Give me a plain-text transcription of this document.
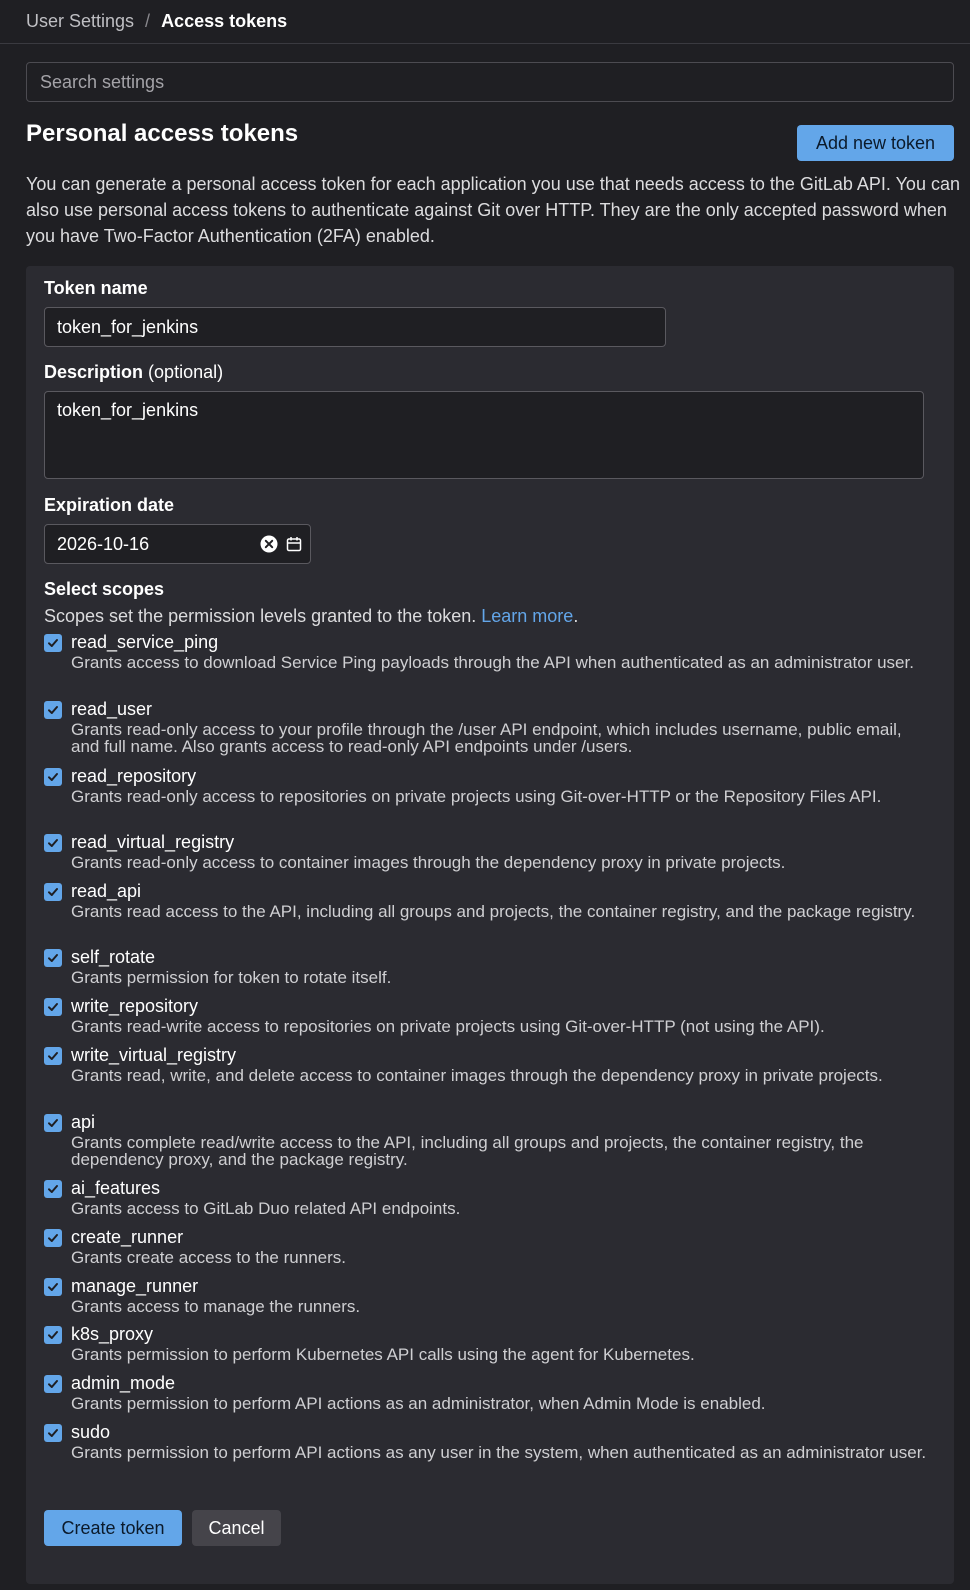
User Settings / Access tokens
Search settings
Personal access tokens	Add new token

You can generate a personal access token for each application you use that needs access to the GitLab API. You can also use personal access tokens to authenticate against Git over HTTP. They are the only accepted password when you have Two-Factor Authentication (2FA) enabled.

Token name
token_for_jenkins
Description (optional)
token_for_jenkins
Expiration date
2026-10-16
Select scopes
Scopes set the permission levels granted to the token. Learn more.
read_service_ping
Grants access to download Service Ping payloads through the API when authenticated as an administrator user.
read_user
Grants read-only access to your profile through the /user API endpoint, which includes username, public email, and full name. Also grants access to read-only API endpoints under /users.
read_repository
Grants read-only access to repositories on private projects using Git-over-HTTP or the Repository Files API.
read_virtual_registry
Grants read-only access to container images through the dependency proxy in private projects.
read_api
Grants read access to the API, including all groups and projects, the container registry, and the package registry.
self_rotate
Grants permission for token to rotate itself.
write_repository
Grants read-write access to repositories on private projects using Git-over-HTTP (not using the API).
write_virtual_registry
Grants read, write, and delete access to container images through the dependency proxy in private projects.
api
Grants complete read/write access to the API, including all groups and projects, the container registry, the dependency proxy, and the package registry.
ai_features
Grants access to GitLab Duo related API endpoints.
create_runner
Grants create access to the runners.
manage_runner
Grants access to manage the runners.
k8s_proxy
Grants permission to perform Kubernetes API calls using the agent for Kubernetes.
admin_mode
Grants permission to perform API actions as an administrator, when Admin Mode is enabled.
sudo
Grants permission to perform API actions as any user in the system, when authenticated as an administrator user.
Create token	Cancel
